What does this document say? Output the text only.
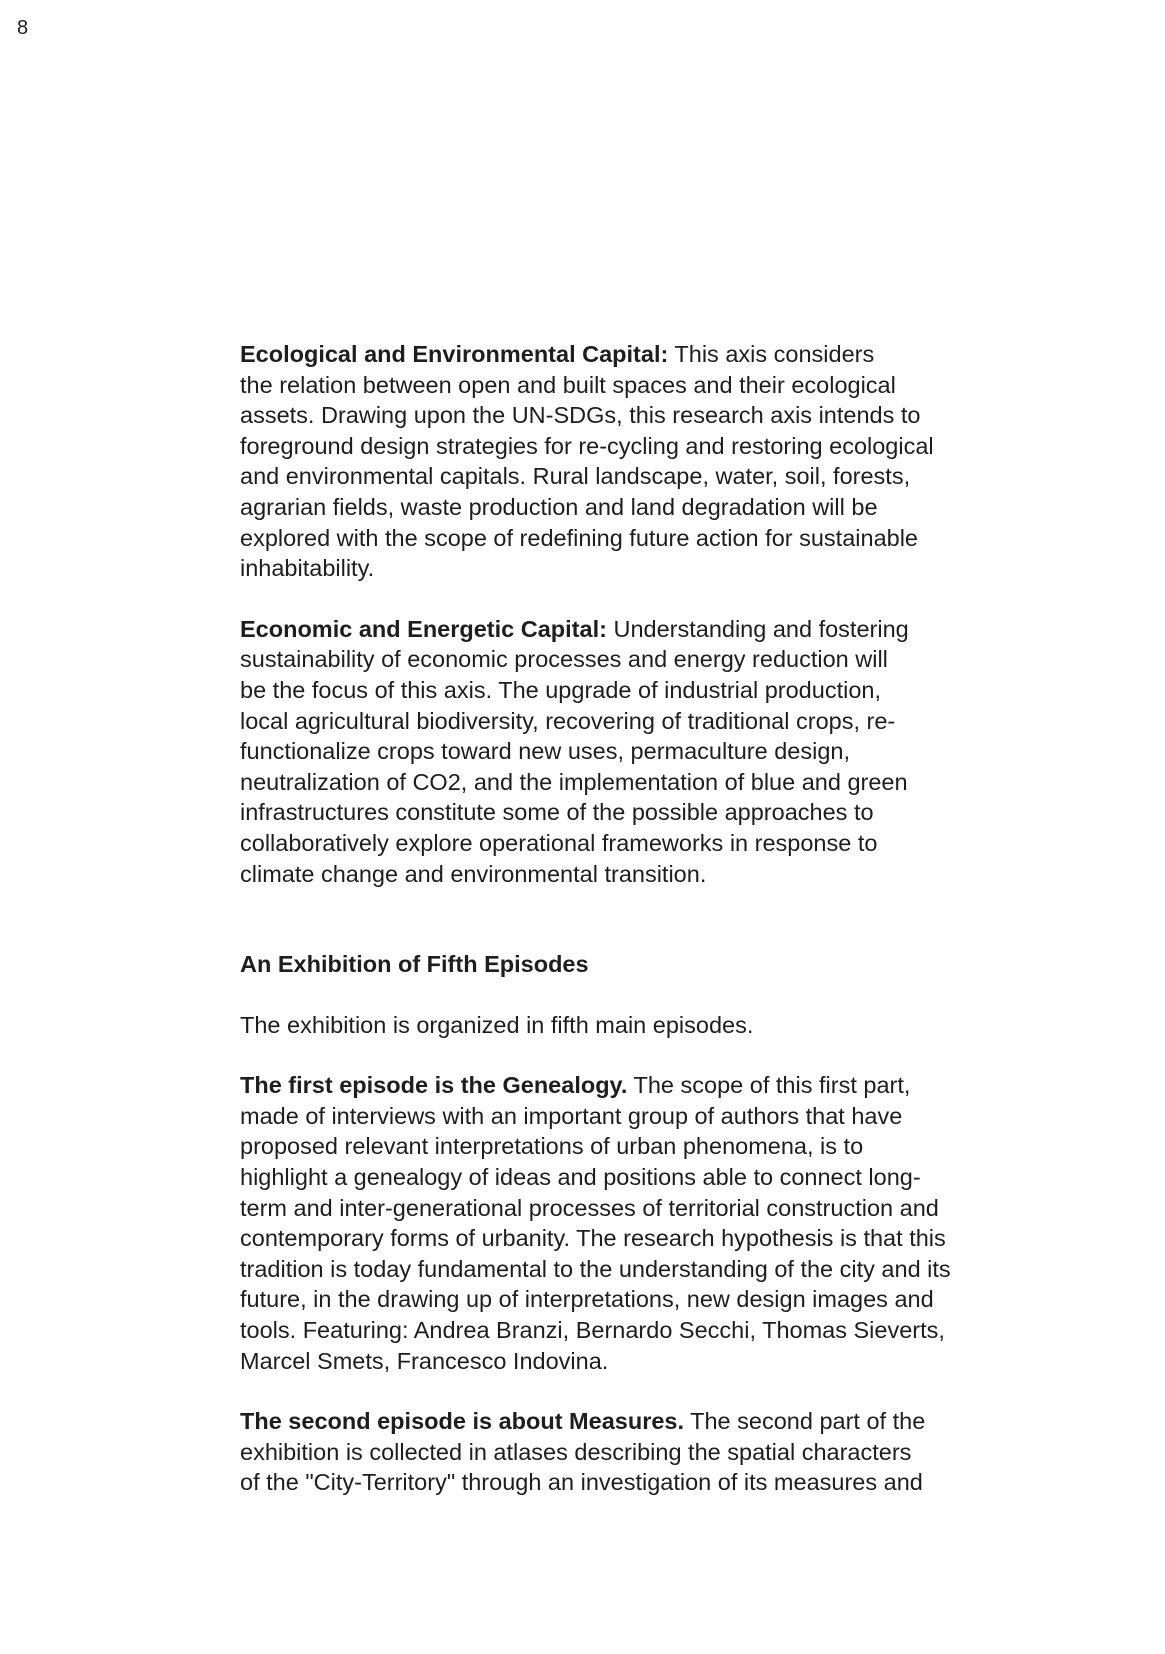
8

Ecological and Environmental Capital: This axis considers
the relation between open and built spaces and their ecological
assets. Drawing upon the UN-SDGs, this research axis intends to
foreground design strategies for re-cycling and restoring ecological
and environmental capitals. Rural landscape, water, soil, forests,
agrarian fields, waste production and land degradation will be
explored with the scope of redefining future action for sustainable
inhabitability.

Economic and Energetic Capital: Understanding and fostering
sustainability of economic processes and energy reduction will
be the focus of this axis. The upgrade of industrial production,
local agricultural biodiversity, recovering of traditional crops, re-
functionalize crops toward new uses, permaculture design,
neutralization of CO2, and the implementation of blue and green
infrastructures constitute some of the possible approaches to
collaboratively explore operational frameworks in response to
climate change and environmental transition.

An Exhibition of Fifth Episodes

The exhibition is organized in fifth main episodes.

The first episode is the Genealogy. The scope of this first part,
made of interviews with an important group of authors that have
proposed relevant interpretations of urban phenomena, is to
highlight a genealogy of ideas and positions able to connect long-
term and inter-generational processes of territorial construction and
contemporary forms of urbanity. The research hypothesis is that this
tradition is today fundamental to the understanding of the city and its
future, in the drawing up of interpretations, new design images and
tools. Featuring: Andrea Branzi, Bernardo Secchi, Thomas Sieverts,
Marcel Smets, Francesco Indovina.

The second episode is about Measures. The second part of the
exhibition is collected in atlases describing the spatial characters
of the "City-Territory" through an investigation of its measures and
